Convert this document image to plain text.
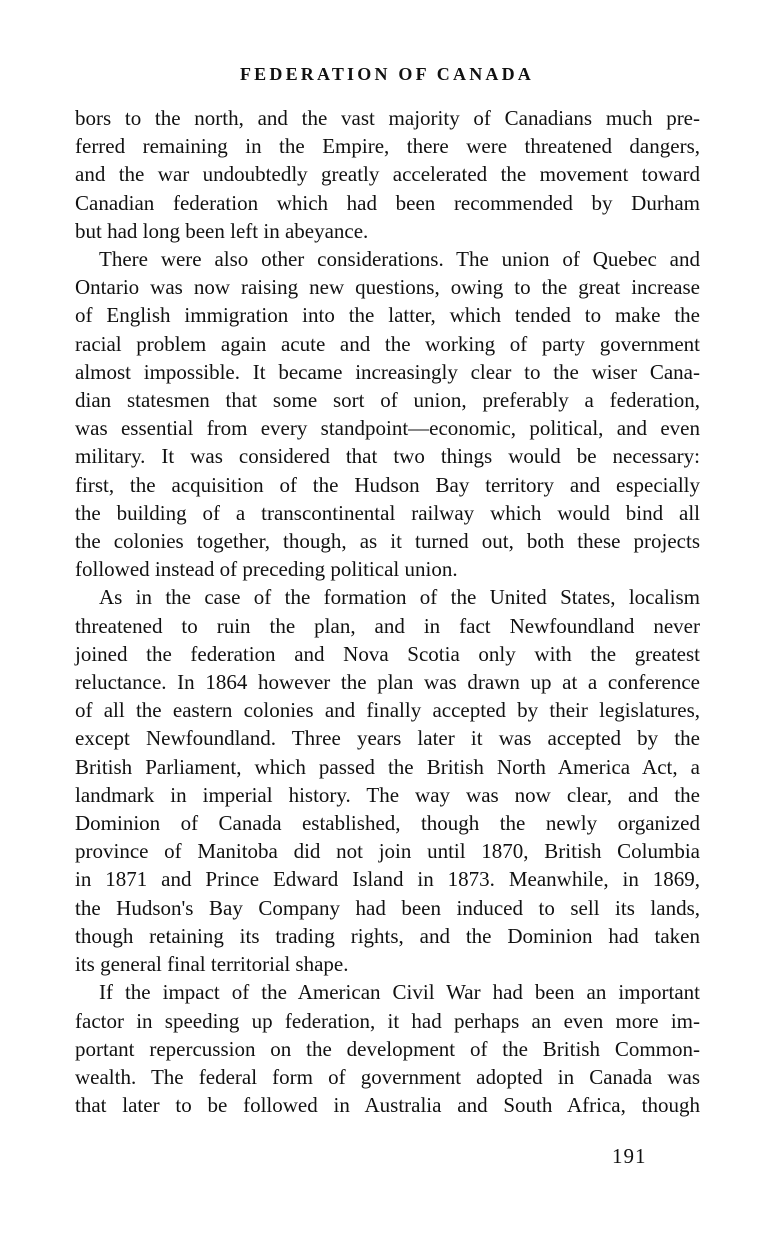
FEDERATION OF CANADA

bors to the north, and the vast majority of Canadians much pre-
ferred remaining in the Empire, there were threatened dangers,
and the war undoubtedly greatly accelerated the movement toward
Canadian federation which had been recommended by Durham
but had long been left in abeyance.

There were also other considerations. The union of Quebec and
Ontario was now raising new questions, owing to the great increase
of English immigration into the latter, which tended to make the
racial problem again acute and the working of party government
almost impossible. It became increasingly clear to the wiser Cana-
dian statesmen that some sort of union, preferably a federation,
was essential from every standpoint—economic, political, and even
military. It was considered that two things would be necessary:
first, the acquisition of the Hudson Bay territory and especially
the building of a transcontinental railway which would bind all
the colonies together, though, as it turned out, both these projects
followed instead of preceding political union.

As in the case of the formation of the United States, localism
threatened to ruin the plan, and in fact Newfoundland never
joined the federation and Nova Scotia only with the greatest
reluctance. In 1864 however the plan was drawn up at a conference
of all the eastern colonies and finally accepted by their legislatures,
except Newfoundland. Three years later it was accepted by the
British Parliament, which passed the British North America Act, a
landmark in imperial history. The way was now clear, and the
Dominion of Canada established, though the newly organized
province of Manitoba did not join until 1870, British Columbia
in 1871 and Prince Edward Island in 1873. Meanwhile, in 1869,
the Hudson's Bay Company had been induced to sell its lands,
though retaining its trading rights, and the Dominion had taken
its general final territorial shape.

If the impact of the American Civil War had been an important
factor in speeding up federation, it had perhaps an even more im-
portant repercussion on the development of the British Common-
wealth. The federal form of government adopted in Canada was
that later to be followed in Australia and South Africa, though

191
